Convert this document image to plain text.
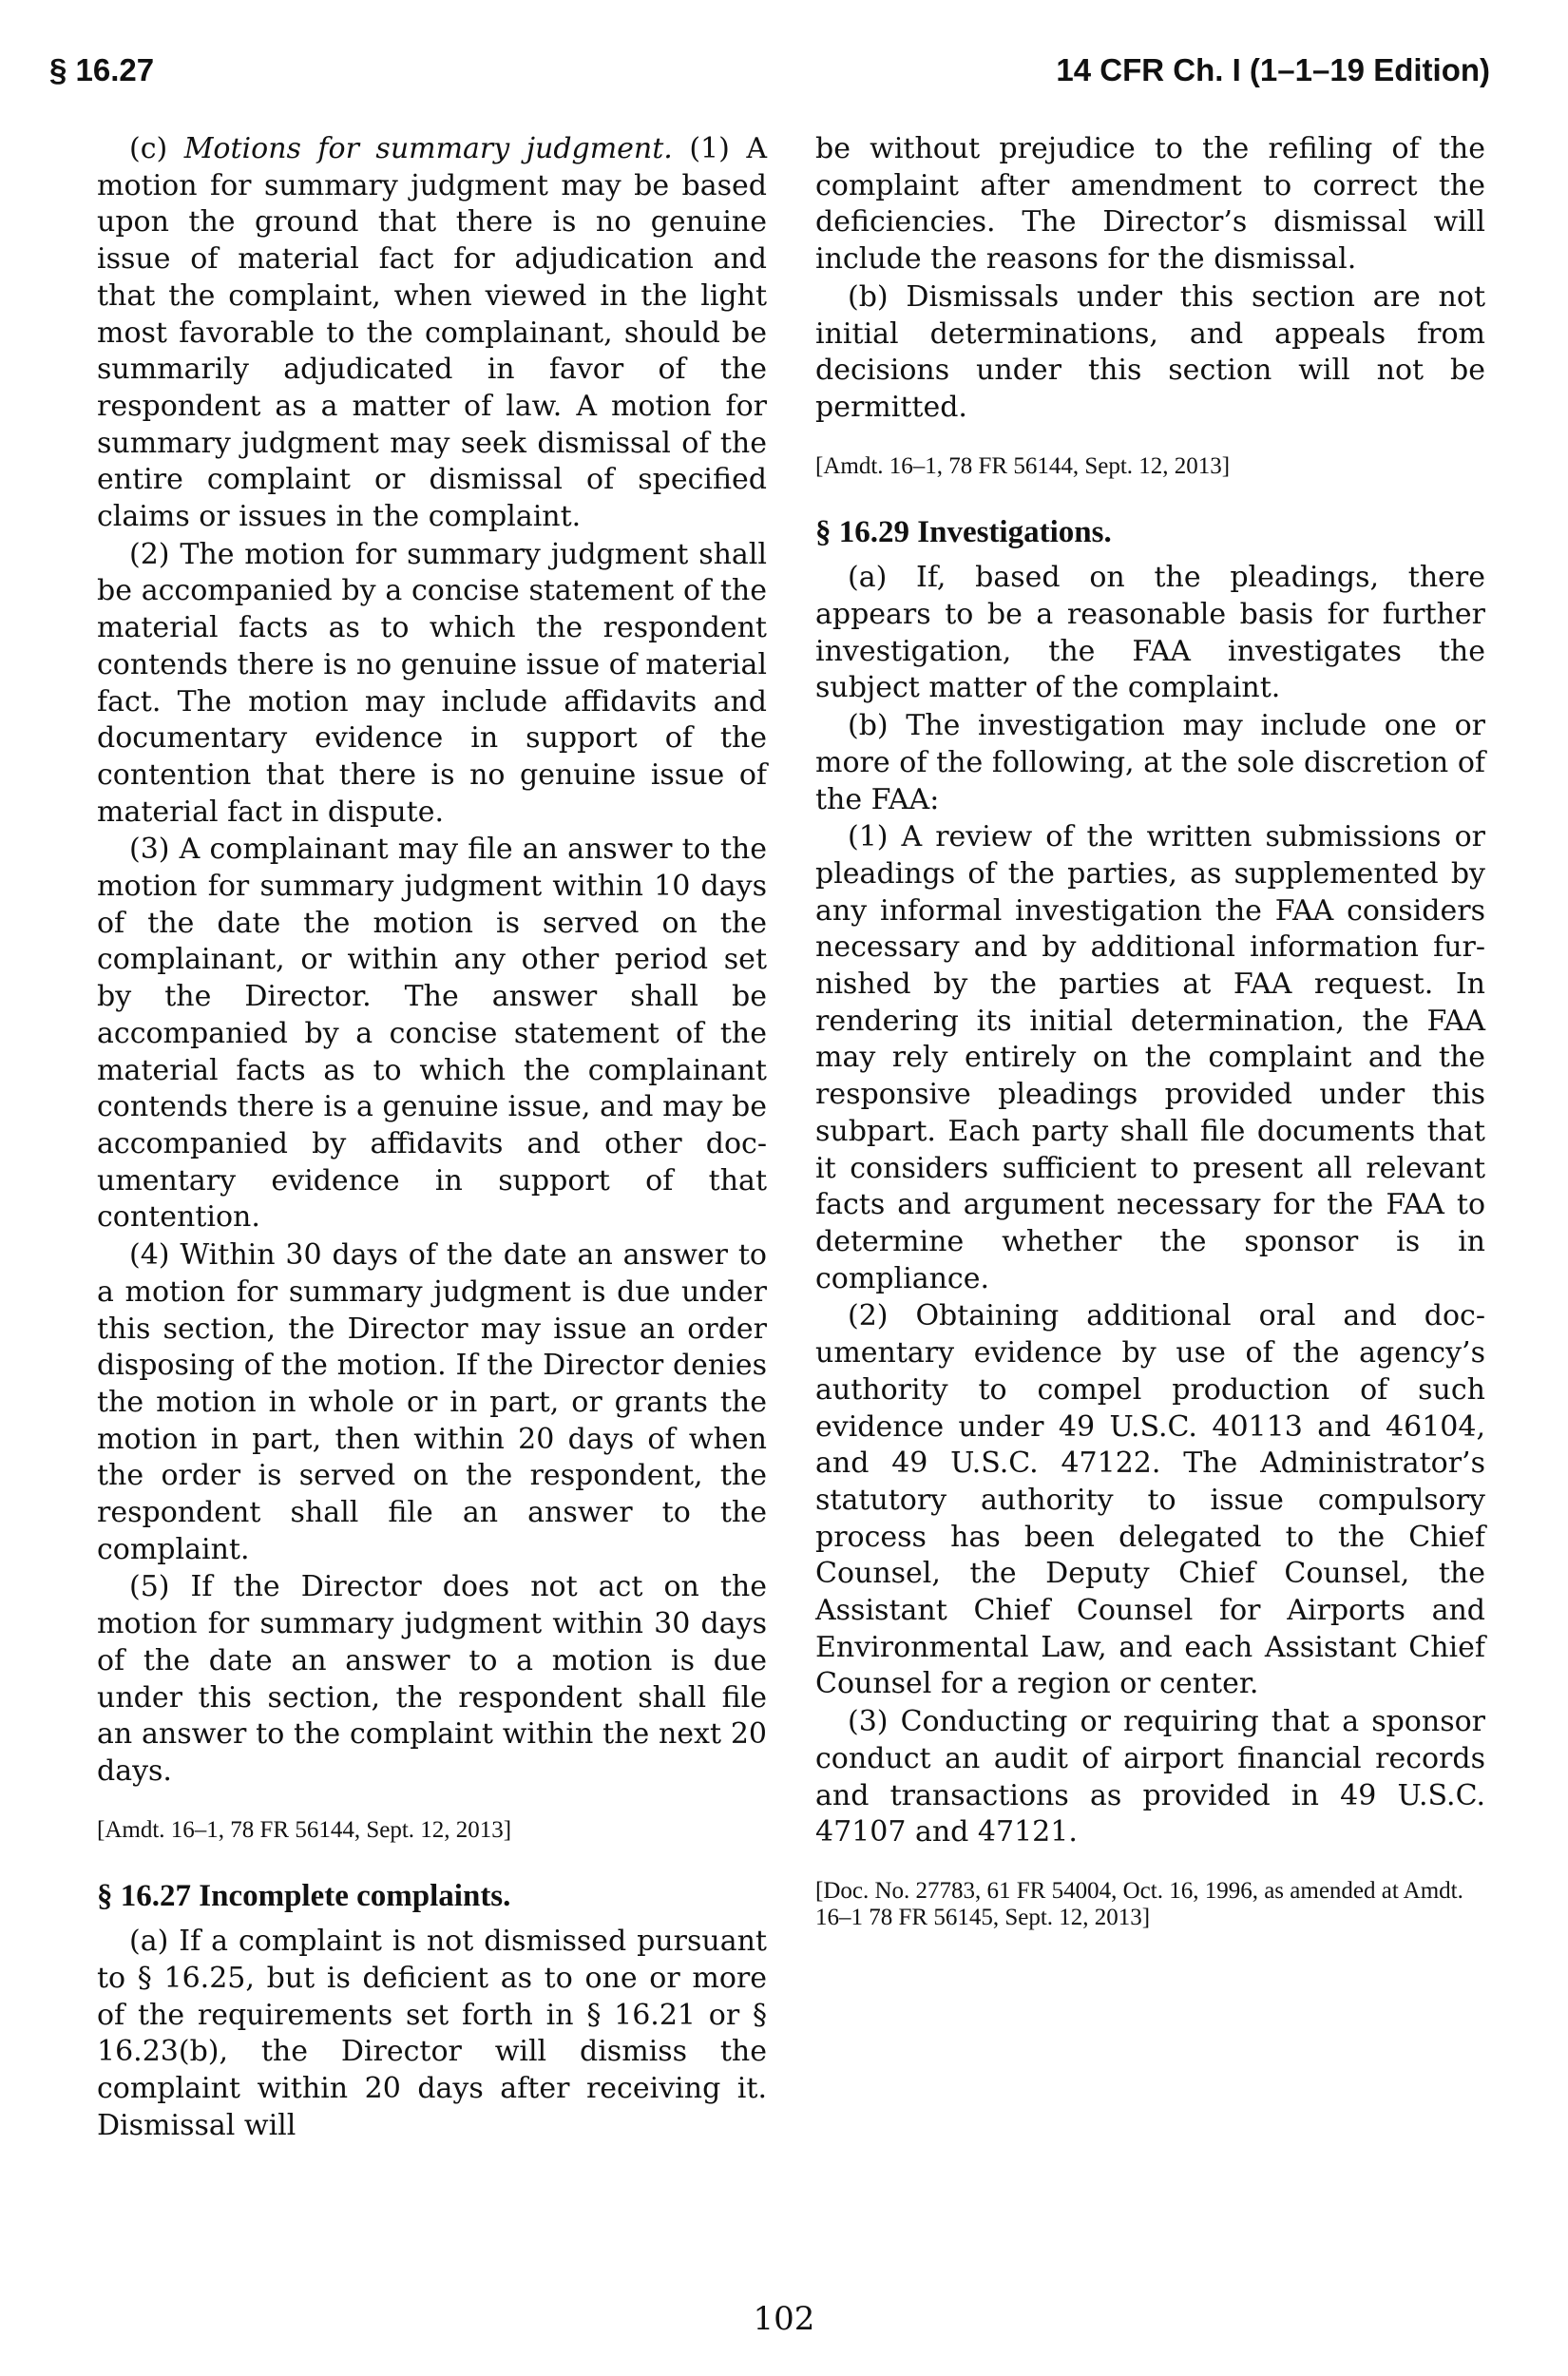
§ 16.27	14 CFR Ch. I (1–1–19 Edition)

(c) Motions for summary judgment. (1) A motion for summary judgment may be based upon the ground that there is no genuine issue of material fact for adjudication and that the complaint, when viewed in the light most favorable to the complainant, should be summarily adjudicated in favor of the respondent as a matter of law. A motion for summary judgment may seek dismissal of the entire complaint or dismissal of specified claims or issues in the complaint.

(2) The motion for summary judgment shall be accompanied by a concise statement of the material facts as to which the respondent contends there is no genuine issue of material fact. The motion may include affidavits and documentary evidence in support of the contention that there is no genuine issue of material fact in dispute.

(3) A complainant may file an answer to the motion for summary judgment within 10 days of the date the motion is served on the complainant, or within any other period set by the Director. The answer shall be accompanied by a concise statement of the material facts as to which the complainant contends there is a genuine issue, and may be accompanied by affidavits and other documentary evidence in support of that contention.

(4) Within 30 days of the date an answer to a motion for summary judgment is due under this section, the Director may issue an order disposing of the motion. If the Director denies the motion in whole or in part, or grants the motion in part, then within 20 days of when the order is served on the respondent, the respondent shall file an answer to the complaint.

(5) If the Director does not act on the motion for summary judgment within 30 days of the date an answer to a motion is due under this section, the respondent shall file an answer to the complaint within the next 20 days.

[Amdt. 16–1, 78 FR 56144, Sept. 12, 2013]

§ 16.27 Incomplete complaints.

(a) If a complaint is not dismissed pursuant to § 16.25, but is deficient as to one or more of the requirements set forth in § 16.21 or § 16.23(b), the Director will dismiss the complaint within 20 days after receiving it. Dismissal will

be without prejudice to the refiling of the complaint after amendment to correct the deficiencies. The Director’s dismissal will include the reasons for the dismissal.

(b) Dismissals under this section are not initial determinations, and appeals from decisions under this section will not be permitted.

[Amdt. 16–1, 78 FR 56144, Sept. 12, 2013]

§ 16.29 Investigations.

(a) If, based on the pleadings, there appears to be a reasonable basis for further investigation, the FAA investigates the subject matter of the complaint.

(b) The investigation may include one or more of the following, at the sole discretion of the FAA:

(1) A review of the written submissions or pleadings of the parties, as supplemented by any informal investigation the FAA considers necessary and by additional information furnished by the parties at FAA request. In rendering its initial determination, the FAA may rely entirely on the complaint and the responsive pleadings provided under this subpart. Each party shall file documents that it considers sufficient to present all relevant facts and argument necessary for the FAA to determine whether the sponsor is in compliance.

(2) Obtaining additional oral and documentary evidence by use of the agency’s authority to compel production of such evidence under 49 U.S.C. 40113 and 46104, and 49 U.S.C. 47122. The Administrator’s statutory authority to issue compulsory process has been delegated to the Chief Counsel, the Deputy Chief Counsel, the Assistant Chief Counsel for Airports and Environmental Law, and each Assistant Chief Counsel for a region or center.

(3) Conducting or requiring that a sponsor conduct an audit of airport financial records and transactions as provided in 49 U.S.C. 47107 and 47121.

[Doc. No. 27783, 61 FR 54004, Oct. 16, 1996, as amended at Amdt. 16–1 78 FR 56145, Sept. 12, 2013]

102
